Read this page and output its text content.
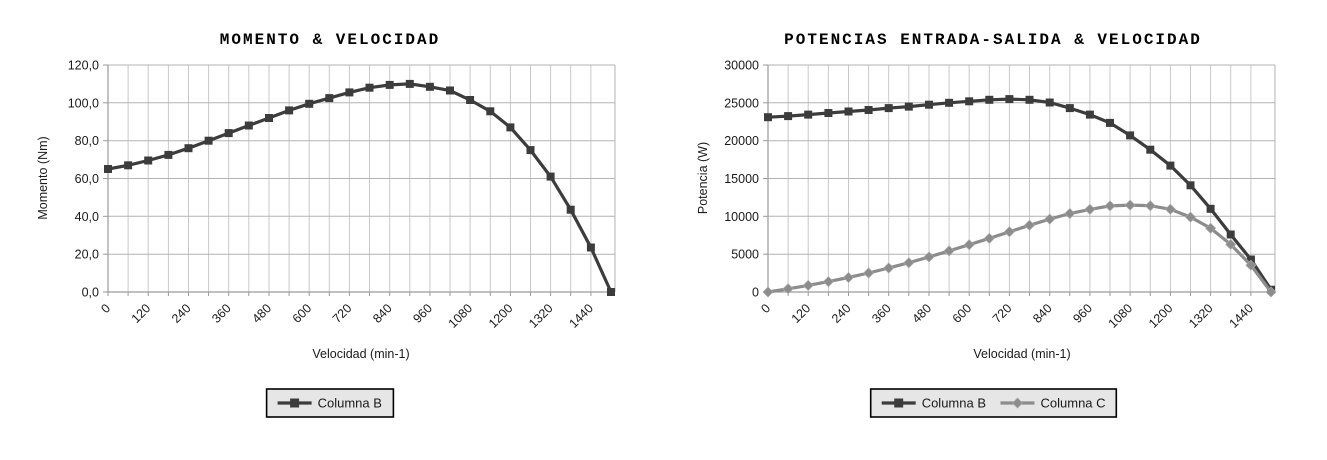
MOMENTO & VELOCIDAD
Momento (Nm)
Velocidad (min-1)
0,0
20,0
40,0
60,0
80,0
100,0
120,0
0 120 240 360 480 600 720 840 960 1080 1200 1320 1440
Columna B
POTENCIAS ENTRADA-SALIDA & VELOCIDAD
Potencia (W)
Velocidad (min-1)
0
5000
10000
15000
20000
25000
30000
0 120 240 360 480 600 720 840 960 1080 1200 1320 1440
Columna B	Columna C
